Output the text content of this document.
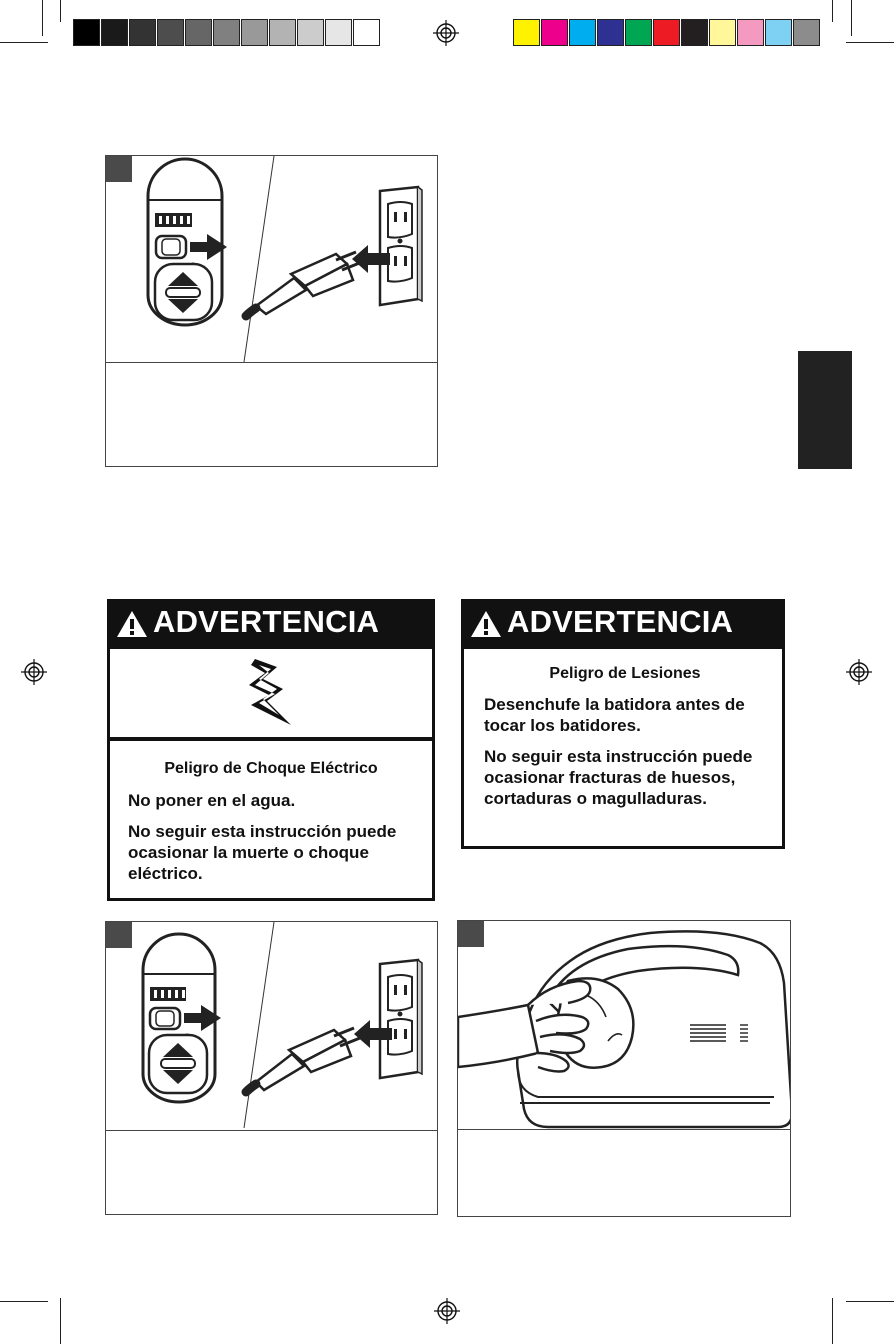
ADVERTENCIA

Peligro de Choque Eléctrico

No poner en el agua.

No seguir esta instrucción puede ocasionar la muerte o choque eléctrico.

ADVERTENCIA

Peligro de Lesiones

Desenchufe la batidora antes de tocar los batidores.

No seguir esta instrucción puede ocasionar fracturas de huesos, cortaduras o magulladuras.
